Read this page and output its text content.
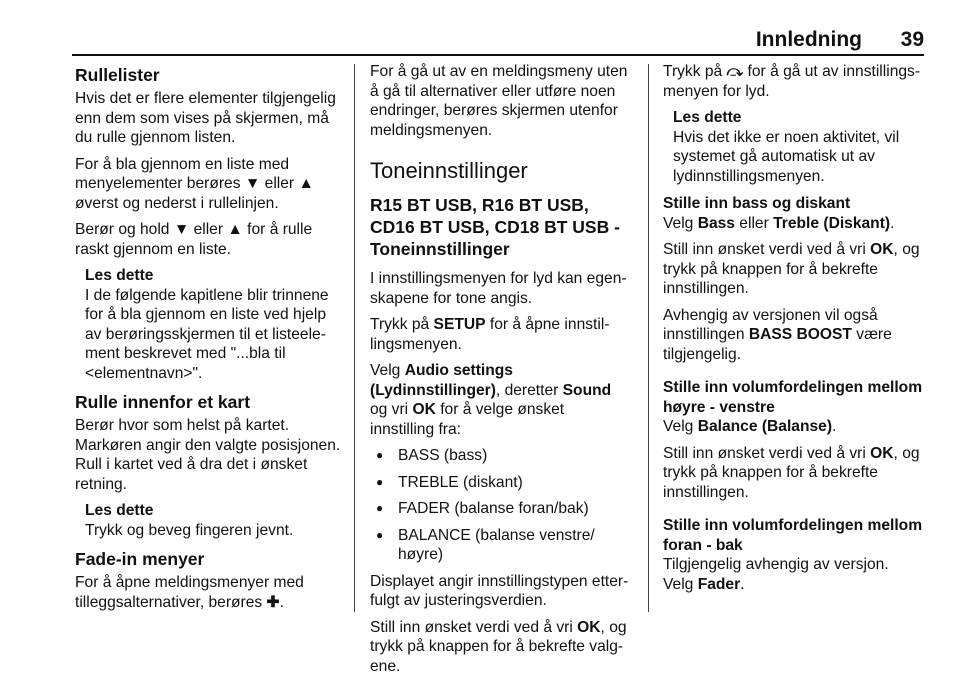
Innledning 39
Rullelister

Hvis det er flere elementer tilgjengelig enn dem som vises på skjermen, må du rulle gjennom listen.

For å bla gjennom en liste med menyelementer berøres ▼ eller ▲ øverst og nederst i rullelinjen.

Berør og hold ▼ eller ▲ for å rulle raskt gjennom en liste.

Les dette
I de følgende kapitlene blir trinnene for å bla gjennom en liste ved hjelp av berøringsskjermen til et listeelement beskrevet med "...bla til <elementnavn>".
Rulle innenfor et kart

Berør hvor som helst på kartet. Markøren angir den valgte posisjonen. Rull i kartet ved å dra det i ønsket retning.

Les dette
Trykk og beveg fingeren jevnt.
Fade-in menyer

For å åpne meldingsmenyer med tilleggsalternativer, berøres ✚.

For å gå ut av en meldingsmeny uten å gå til alternativer eller utføre noen endringer, berøres skjermen utenfor meldingsmenyen.

Toneinnstillinger
R15 BT USB, R16 BT USB, CD16 BT USB, CD18 BT USB - Toneinnstillinger

I innstillingsmenyen for lyd kan egenskapene for tone angis.

Trykk på SETUP for å åpne innstillingsmenyen.

Velg Audio settings (Lydinnstillinger), deretter Sound og vri OK for å velge ønsket innstilling fra:

● BASS (bass)
● TREBLE (diskant)
● FADER (balanse foran/bak)
● BALANCE (balanse venstre/ høyre)

Displayet angir innstillingstypen etterfulgt av justeringsverdien.

Still inn ønsket verdi ved å vri OK, og trykk på knappen for å bekrefte valgene.

Trykk på ⤼ for å gå ut av innstillingsmenyen for lyd.

Les dette
Hvis det ikke er noen aktivitet, vil systemet gå automatisk ut av lydinnstillingsmenyen.
Stille inn bass og diskant

Velg Bass eller Treble (Diskant).

Still inn ønsket verdi ved å vri OK, og trykk på knappen for å bekrefte innstillingen.

Avhengig av versjonen vil også innstillingen BASS BOOST være tilgjengelig.

Stille inn volumfordelingen mellom høyre - venstre

Velg Balance (Balanse).

Still inn ønsket verdi ved å vri OK, og trykk på knappen for å bekrefte innstillingen.

Stille inn volumfordelingen mellom foran - bak

Tilgjengelig avhengig av versjon.
Velg Fader.
